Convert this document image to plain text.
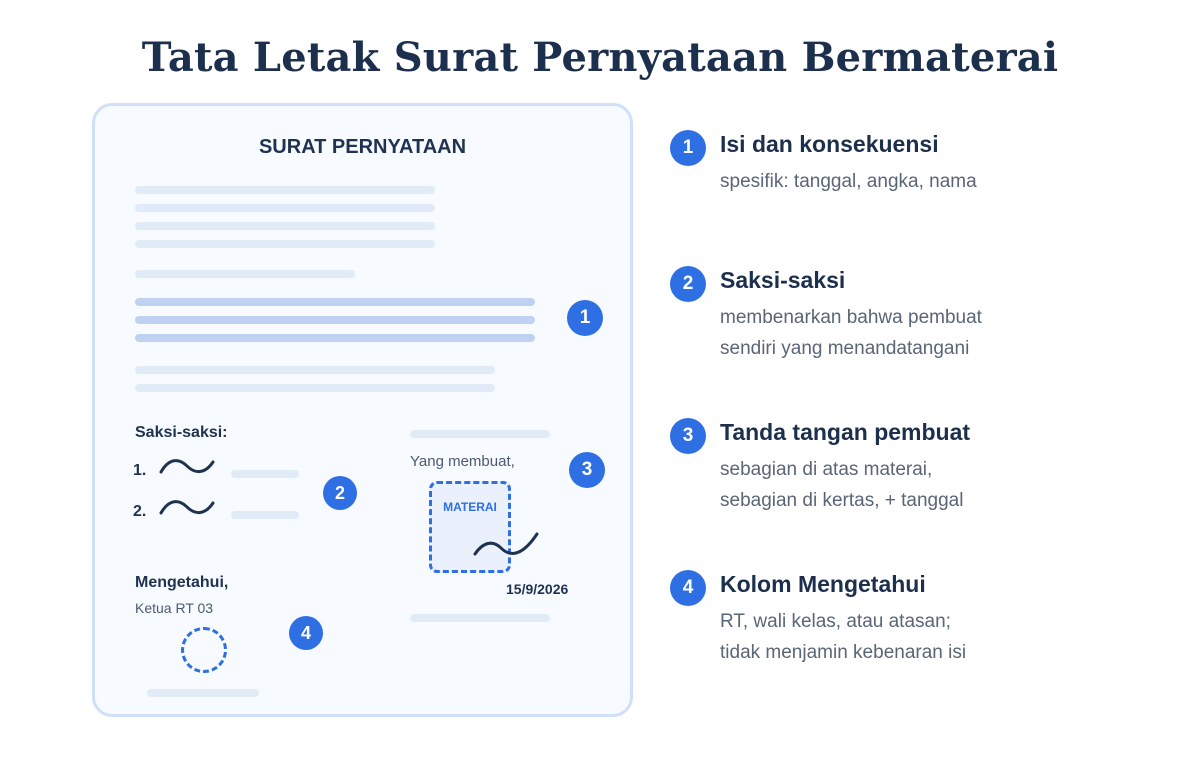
Tata Letak Surat Pernyataan Bermaterai
SURAT PERNYATAAN
1
Saksi-saksi:
1.
2.
2
Yang membuat,	3
MATERAI
15/9/2026
Mengetahui,
Ketua RT 03
4
1	Isi dan konsekuensi
spesifik: tanggal, angka, nama
2	Saksi-saksi
membenarkan bahwa pembuat
sendiri yang menandatangani
3	Tanda tangan pembuat
sebagian di atas materai,
sebagian di kertas, + tanggal
4	Kolom Mengetahui
RT, wali kelas, atau atasan;
tidak menjamin kebenaran isi
